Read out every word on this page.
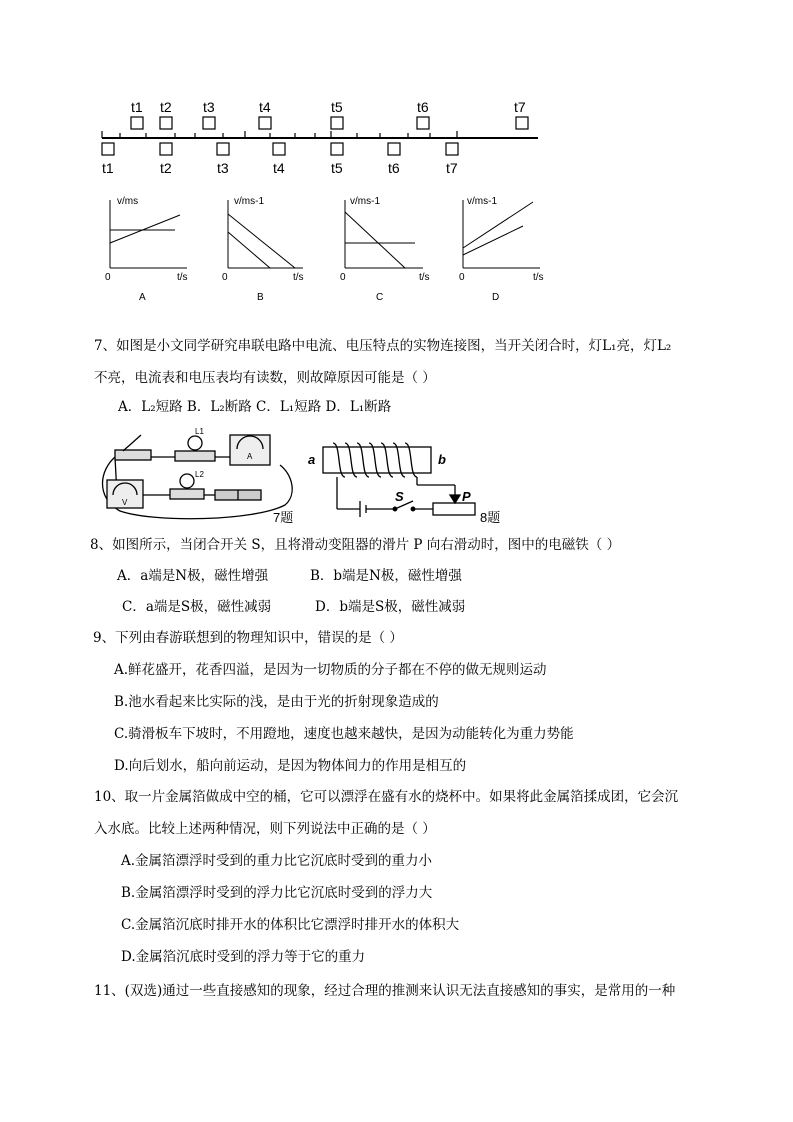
t1 t2 t3	t4	t5	t6	t7
t1	t2	t3	t4	t5	t6	t7
v/ms
0	t/s
A
v/ms-1
0	t/s
B
v/ms-1
0	t/s
C
v/ms-1
0	t/s
D
7、如图是小文同学研究串联电路中电流、电压特点的实物连接图，当开关闭合时，灯L₁亮，灯L₂
不亮，电流表和电压表均有读数，则故障原因可能是（ ）
A．L₂短路 B．L₂断路 C．L₁短路 D．L₁断路
L1
L2
A
V
7题
a	b
S	P
8题
8、如图所示，当闭合开关 S，且将滑动变阻器的滑片 P 向右滑动时，图中的电磁铁（ ）
A．a端是N极，磁性增强	B．b端是N极，磁性增强
C．a端是S极，磁性减弱	D．b端是S极，磁性减弱
9、下列由春游联想到的物理知识中，错误的是（ ）
A.鲜花盛开，花香四溢，是因为一切物质的分子都在不停的做无规则运动
B.池水看起来比实际的浅，是由于光的折射现象造成的
C.骑滑板车下坡时，不用蹬地，速度也越来越快，是因为动能转化为重力势能
D.向后划水，船向前运动，是因为物体间力的作用是相互的
10、取一片金属箔做成中空的桶，它可以漂浮在盛有水的烧杯中。如果将此金属箔揉成团，它会沉
入水底。比较上述两种情况，则下列说法中正确的是（ ）
A.金属箔漂浮时受到的重力比它沉底时受到的重力小
B.金属箔漂浮时受到的浮力比它沉底时受到的浮力大
C.金属箔沉底时排开水的体积比它漂浮时排开水的体积大
D.金属箔沉底时受到的浮力等于它的重力
11、(双选)通过一些直接感知的现象，经过合理的推测来认识无法直接感知的事实，是常用的一种
